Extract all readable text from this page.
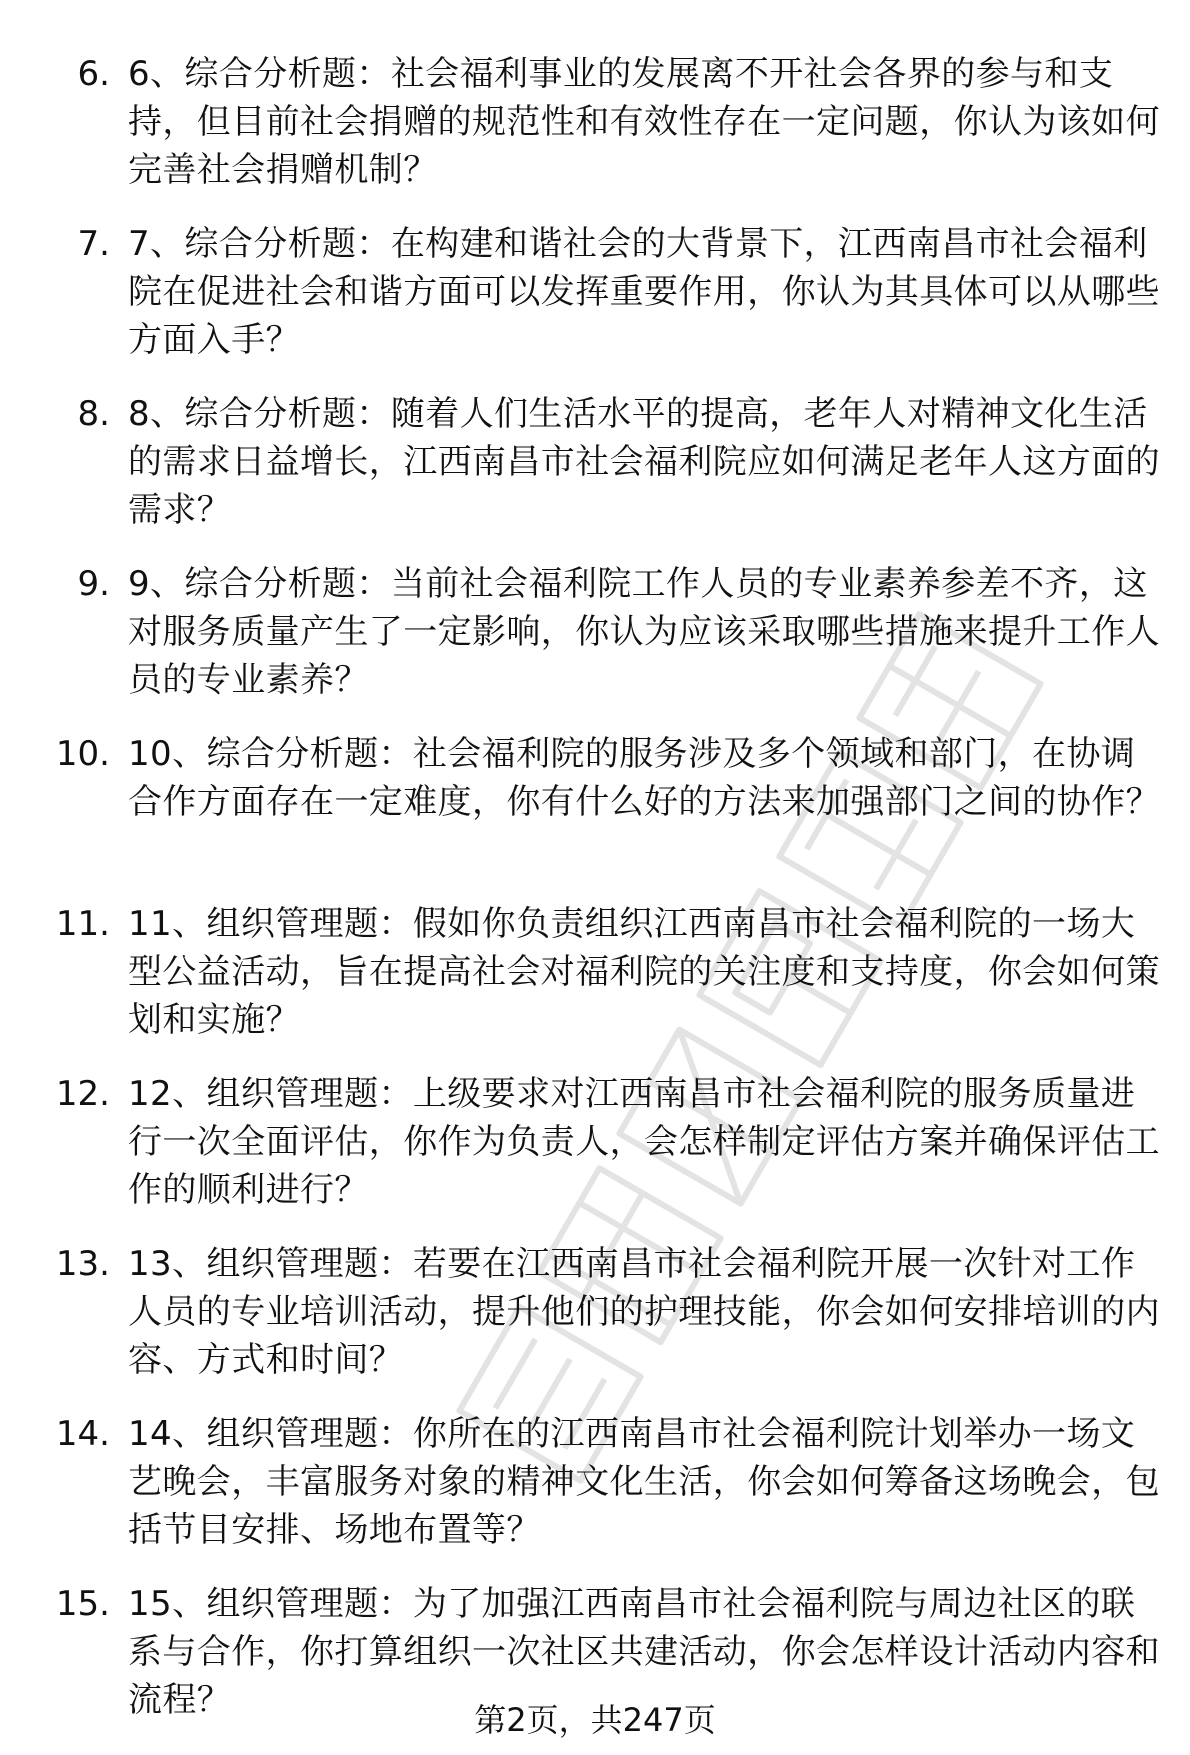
6. 6、综合分析题：社会福利事业的发展离不开社会各界的参与和支持，但目前社会捐赠的规范性和有效性存在一定问题，你认为该如何完善社会捐赠机制？

7. 7、综合分析题：在构建和谐社会的大背景下，江西南昌市社会福利院在促进社会和谐方面可以发挥重要作用，你认为其具体可以从哪些方面入手？

8. 8、综合分析题：随着人们生活水平的提高，老年人对精神文化生活的需求日益增长，江西南昌市社会福利院应如何满足老年人这方面的需求？

9. 9、综合分析题：当前社会福利院工作人员的专业素养参差不齐，这对服务质量产生了一定影响，你认为应该采取哪些措施来提升工作人员的专业素养？

10. 10、综合分析题：社会福利院的服务涉及多个领域和部门，在协调合作方面存在一定难度，你有什么好的方法来加强部门之间的协作？

11. 11、组织管理题：假如你负责组织江西南昌市社会福利院的一场大型公益活动，旨在提高社会对福利院的关注度和支持度，你会如何策划和实施？

12. 12、组织管理题：上级要求对江西南昌市社会福利院的服务质量进行一次全面评估，你作为负责人，会怎样制定评估方案并确保评估工作的顺利进行？

13. 13、组织管理题：若要在江西南昌市社会福利院开展一次针对工作人员的专业培训活动，提升他们的护理技能，你会如何安排培训的内容、方式和时间？

14. 14、组织管理题：你所在的江西南昌市社会福利院计划举办一场文艺晚会，丰富服务对象的精神文化生活，你会如何筹备这场晚会，包括节目安排、场地布置等？

15. 15、组织管理题：为了加强江西南昌市社会福利院与周边社区的联系与合作，你打算组织一次社区共建活动，你会怎样设计活动内容和流程？	第2页，共247页
